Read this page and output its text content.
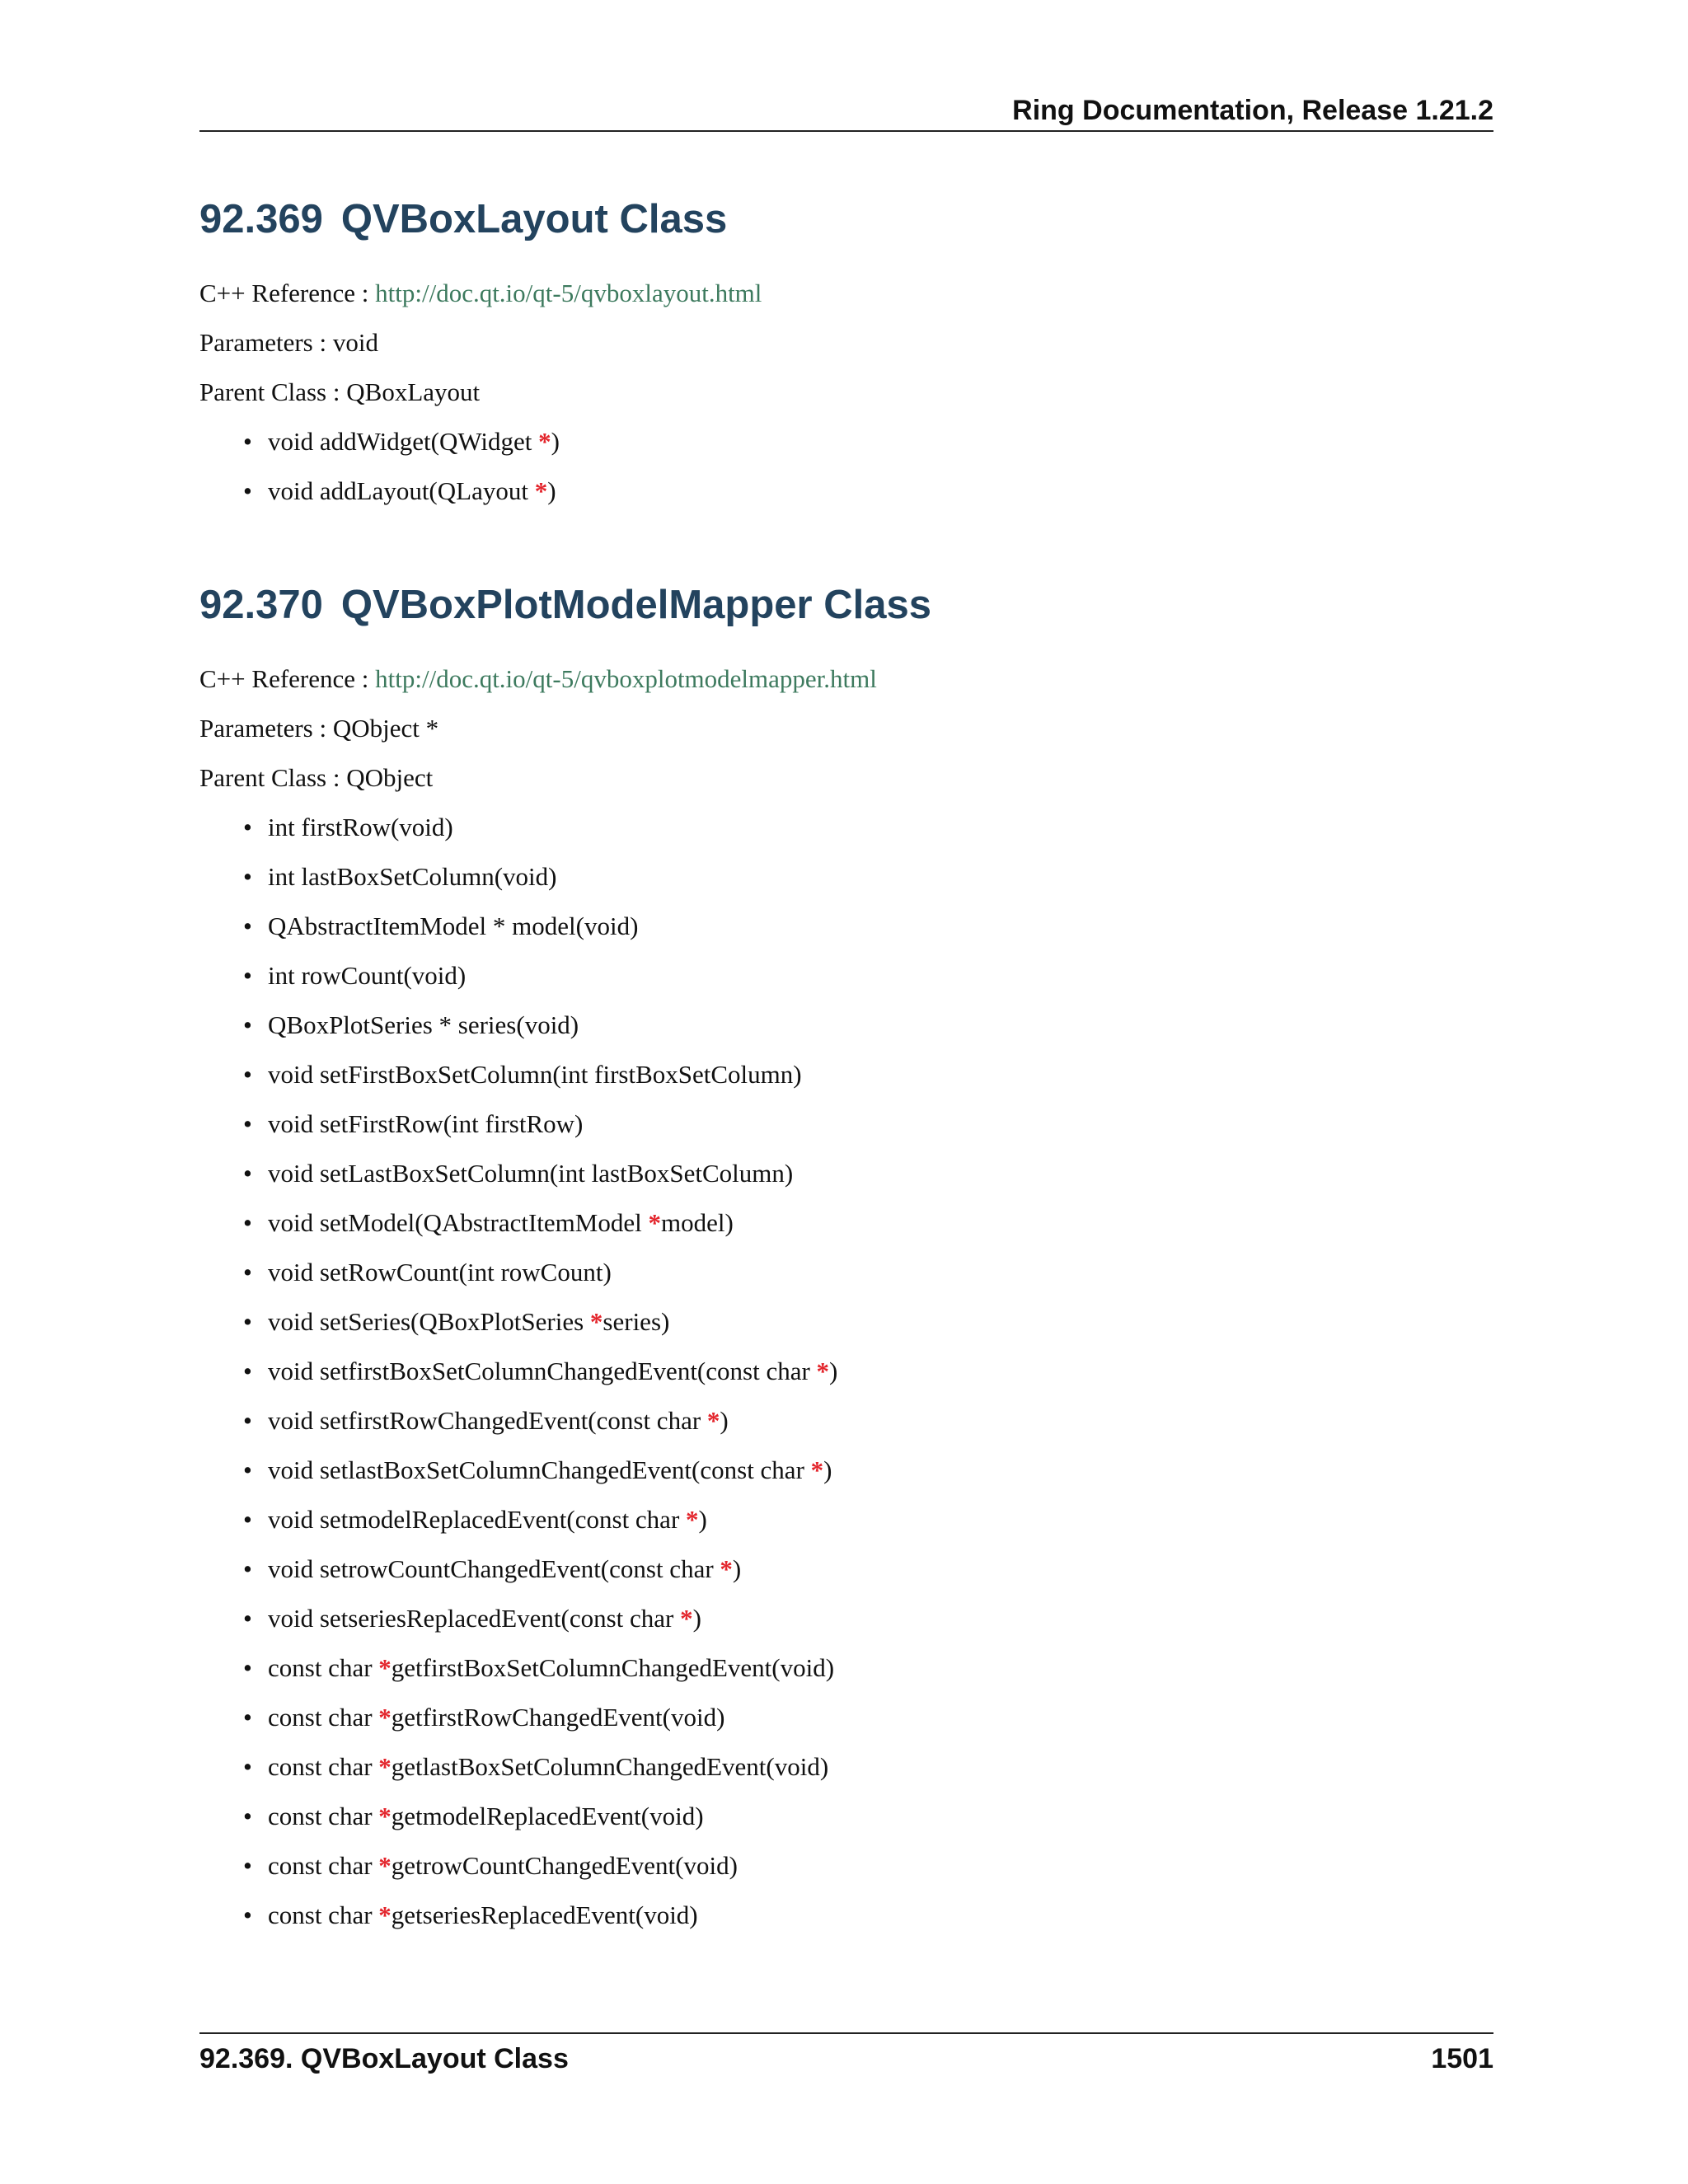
Ring Documentation, Release 1.21.2
92.369 QVBoxLayout Class

C++ Reference : http://doc.qt.io/qt-5/qvboxlayout.html

Parameters : void

Parent Class : QBoxLayout

• void addWidget(QWidget *)
• void addLayout(QLayout *)
92.370 QVBoxPlotModelMapper Class

C++ Reference : http://doc.qt.io/qt-5/qvboxplotmodelmapper.html

Parameters : QObject *

Parent Class : QObject

• int firstRow(void)
• int lastBoxSetColumn(void)
• QAbstractItemModel * model(void)
• int rowCount(void)
• QBoxPlotSeries * series(void)
• void setFirstBoxSetColumn(int firstBoxSetColumn)
• void setFirstRow(int firstRow)
• void setLastBoxSetColumn(int lastBoxSetColumn)
• void setModel(QAbstractItemModel *model)
• void setRowCount(int rowCount)
• void setSeries(QBoxPlotSeries *series)
• void setfirstBoxSetColumnChangedEvent(const char *)
• void setfirstRowChangedEvent(const char *)
• void setlastBoxSetColumnChangedEvent(const char *)
• void setmodelReplacedEvent(const char *)
• void setrowCountChangedEvent(const char *)
• void setseriesReplacedEvent(const char *)
• const char *getfirstBoxSetColumnChangedEvent(void)
• const char *getfirstRowChangedEvent(void)
• const char *getlastBoxSetColumnChangedEvent(void)
• const char *getmodelReplacedEvent(void)
• const char *getrowCountChangedEvent(void)
• const char *getseriesReplacedEvent(void)
92.369. QVBoxLayout Class	1501
